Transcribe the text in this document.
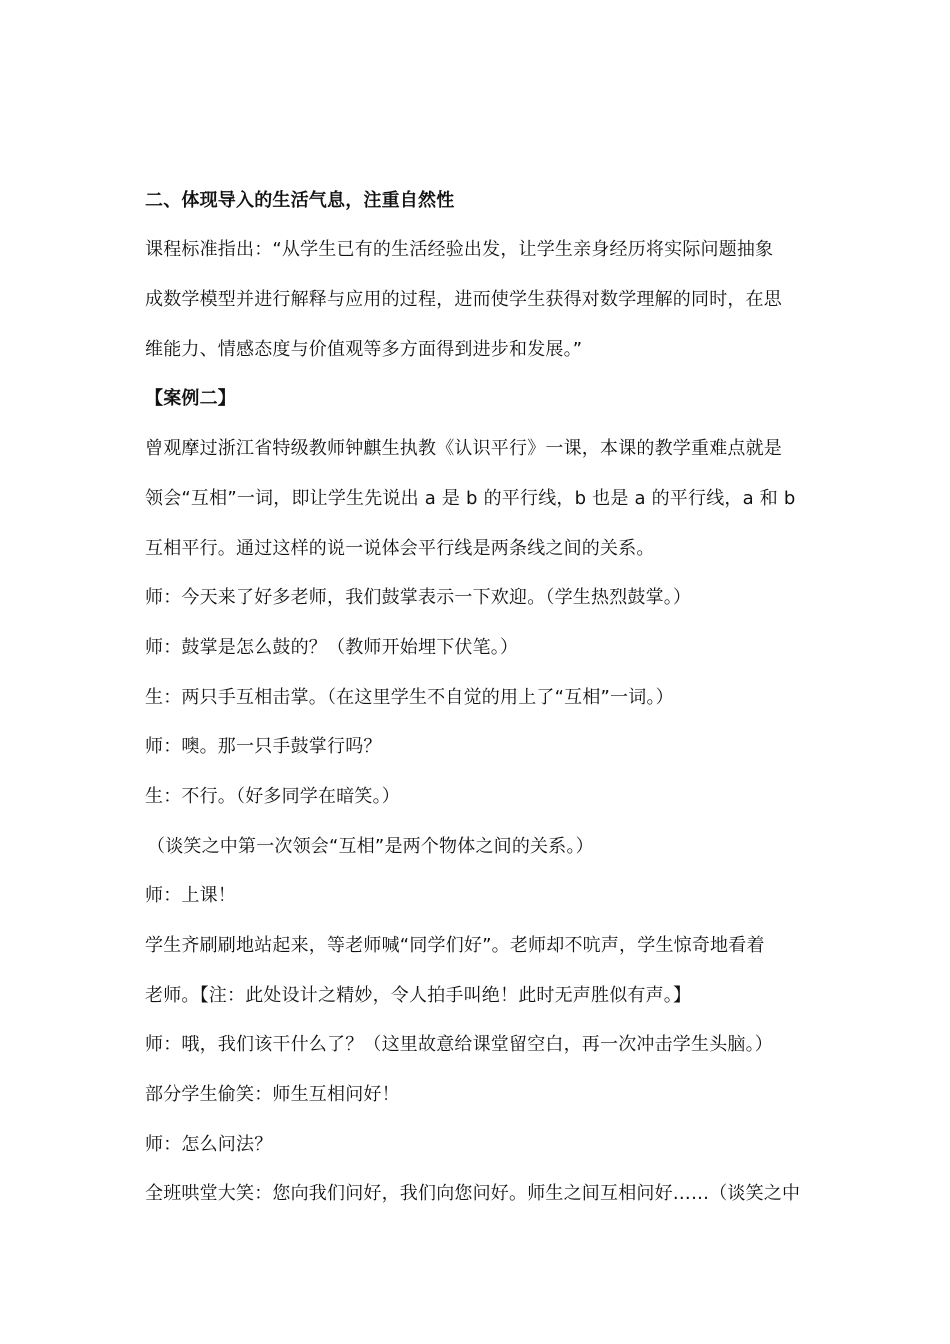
二、体现导入的生活气息，注重自然性
课程标准指出：“从学生已有的生活经验出发，让学生亲身经历将实际问题抽象
成数学模型并进行解释与应用的过程，进而使学生获得对数学理解的同时，在思
维能力、情感态度与价值观等多方面得到进步和发展。”
【案例二】
曾观摩过浙江省特级教师钟麒生执教《认识平行》一课，本课的教学重难点就是
领会“互相”一词，即让学生先说出 a 是 b 的平行线，b 也是 a 的平行线，a 和 b
互相平行。通过这样的说一说体会平行线是两条线之间的关系。
师：今天来了好多老师，我们鼓掌表示一下欢迎。（学生热烈鼓掌。）
师：鼓掌是怎么鼓的？（教师开始埋下伏笔。）
生：两只手互相击掌。（在这里学生不自觉的用上了“互相”一词。）
师：噢。那一只手鼓掌行吗？
生：不行。（好多同学在暗笑。）
（谈笑之中第一次领会“互相”是两个物体之间的关系。）
师：上课！
学生齐刷刷地站起来，等老师喊“同学们好”。老师却不吭声，学生惊奇地看着
老师。【注：此处设计之精妙，令人拍手叫绝！此时无声胜似有声。】
师：哦，我们该干什么了？（这里故意给课堂留空白，再一次冲击学生头脑。）
部分学生偷笑：师生互相问好！
师：怎么问法？
全班哄堂大笑：您向我们问好，我们向您问好。师生之间互相问好……（谈笑之中
